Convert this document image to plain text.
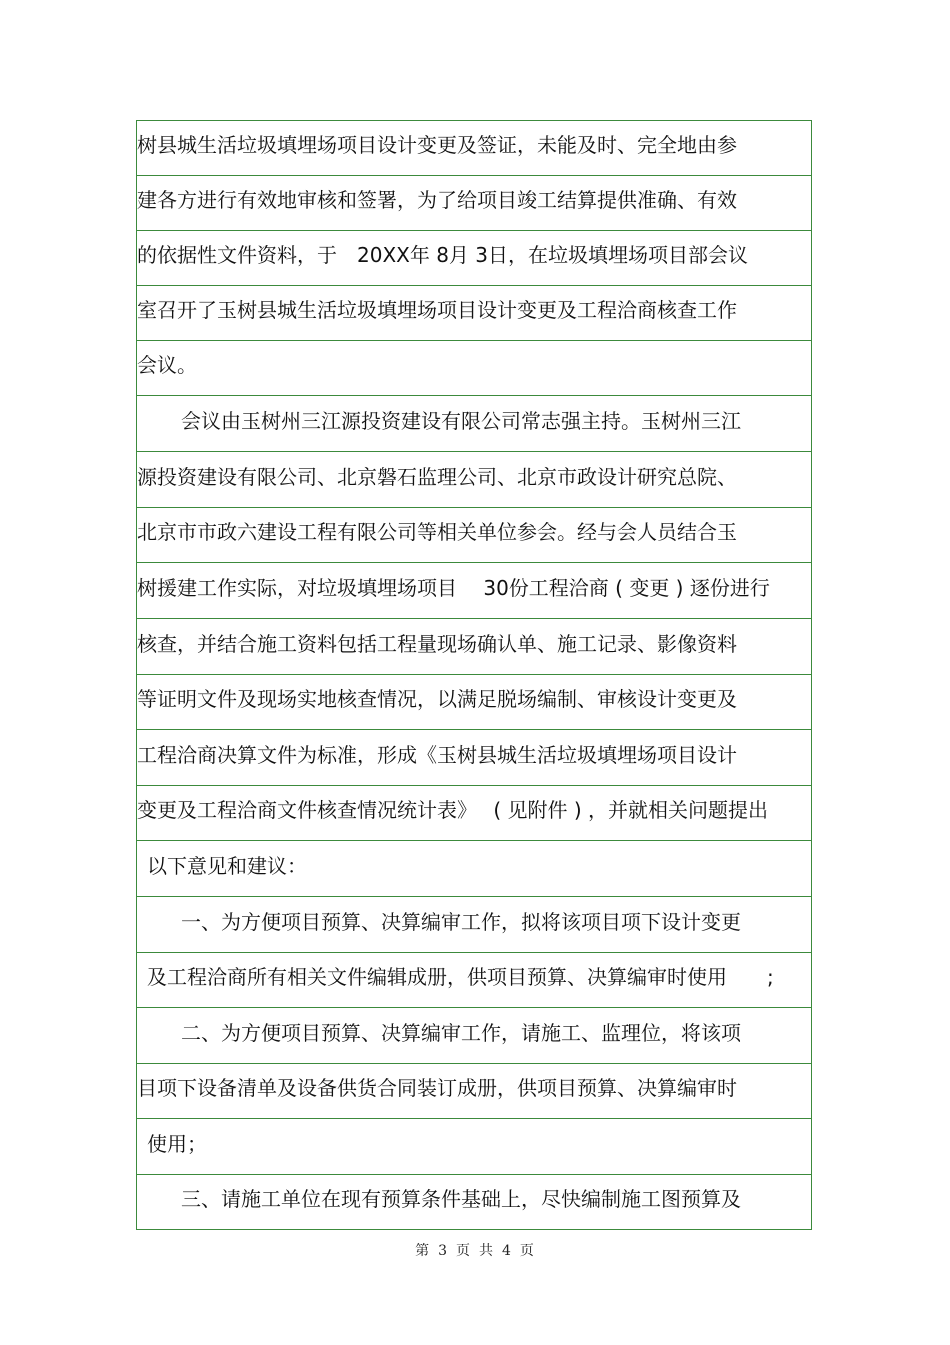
树县城生活垃圾填埋场项目设计变更及签证，未能及时、完全地由参
建各方进行有效地审核和签署，为了给项目竣工结算提供准确、有效
的依据性文件资料，于　20XX年 8月 3日，在垃圾填埋场项目部会议
室召开了玉树县城生活垃圾填埋场项目设计变更及工程洽商核查工作
会议。
会议由玉树州三江源投资建设有限公司常志强主持。玉树州三江
源投资建设有限公司、北京磐石监理公司、北京市政设计研究总院、
北京市市政六建设工程有限公司等相关单位参会。经与会人员结合玉
树援建工作实际，对垃圾填埋场项目　 30份工程洽商 ( 变更 ) 逐份进行
核查，并结合施工资料包括工程量现场确认单、施工记录、影像资料
等证明文件及现场实地核查情况，以满足脱场编制、审核设计变更及
工程洽商决算文件为标准，形成《玉树县城生活垃圾填埋场项目设计
变更及工程洽商文件核查情况统计表》　 ( 见附件 ) ，并就相关问题提出
以下意见和建议：
一、为方便项目预算、决算编审工作，拟将该项目项下设计变更
及工程洽商所有相关文件编辑成册，供项目预算、决算编审时使用　　;
二、为方便项目预算、决算编审工作，请施工、监理位，将该项
目项下设备清单及设备供货合同装订成册，供项目预算、决算编审时
使用；
三、请施工单位在现有预算条件基础上，尽快编制施工图预算及
第 3 页 共 4 页
